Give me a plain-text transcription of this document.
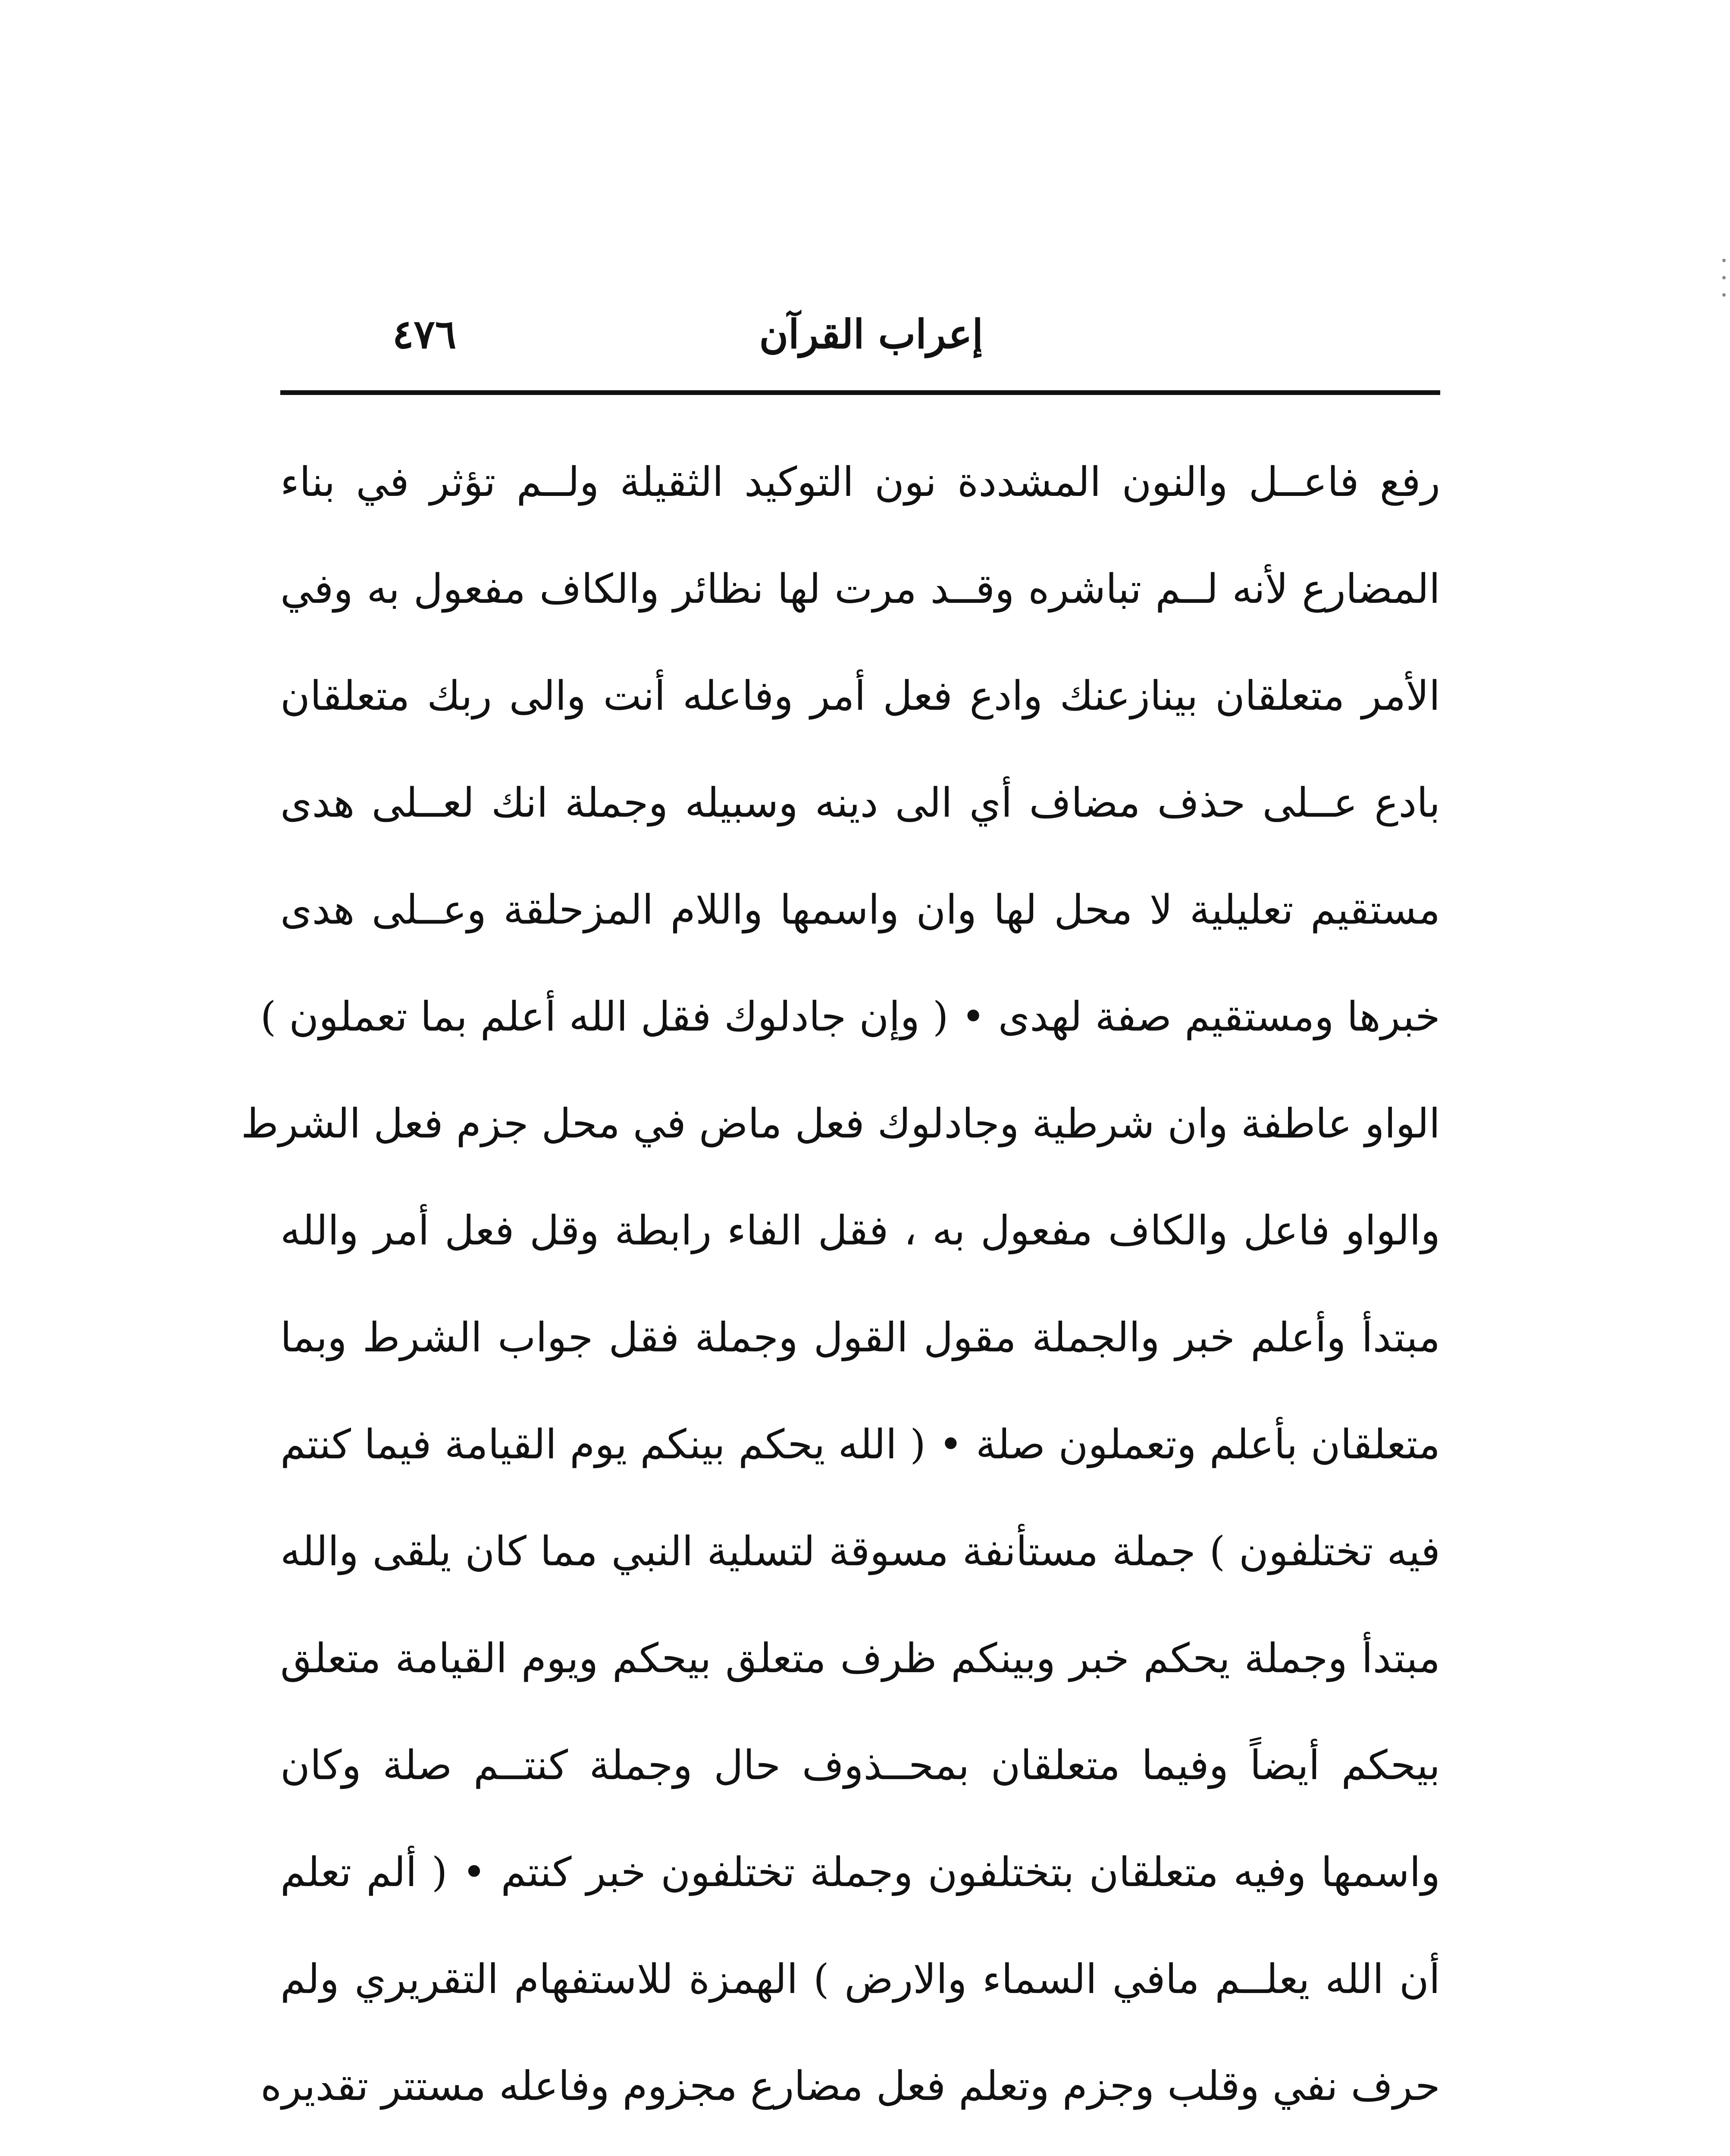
إعراب القرآن
٤٧٦
رفع فاعــل والنون المشددة نون التوكيد الثقيلة ولــم تؤثر في بناء
المضارع لأنه لــم تباشره وقــد مرت لها نظائر والكاف مفعول به وفي
الأمر متعلقان بينازعنك وادع فعل أمر وفاعله أنت والى ربك متعلقان
بادع عــلى حذف مضاف أي الى دينه وسبيله وجملة انك لعــلى هدى
مستقيم تعليلية لا محل لها وان واسمها واللام المزحلقة وعــلى هدى
خبرها ومستقيم صفة لهدى • ( وإن جادلوك فقل الله أعلم بما تعملون )
الواو عاطفة وان شرطية وجادلوك فعل ماض في محل جزم فعل الشرط
والواو فاعل والكاف مفعول به ، فقل الفاء رابطة وقل فعل أمر والله
مبتدأ وأعلم خبر والجملة مقول القول وجملة فقل جواب الشرط وبما
متعلقان بأعلم وتعملون صلة • ( الله يحكم بينكم يوم القيامة فيما كنتم
فيه تختلفون ) جملة مستأنفة مسوقة لتسلية النبي مما كان يلقى والله
مبتدأ وجملة يحكم خبر وبينكم ظرف متعلق بيحكم ويوم القيامة متعلق
بيحكم أيضاً وفيما متعلقان بمحــذوف حال وجملة كنتــم صلة وكان
واسمها وفيه متعلقان بتختلفون وجملة تختلفون خبر كنتم • ( ألم تعلم
أن الله يعلــم مافي السماء والارض ) الهمزة للاستفهام التقريري ولم
حرف نفي وقلب وجزم وتعلم فعل مضارع مجزوم وفاعله مستتر تقديره
